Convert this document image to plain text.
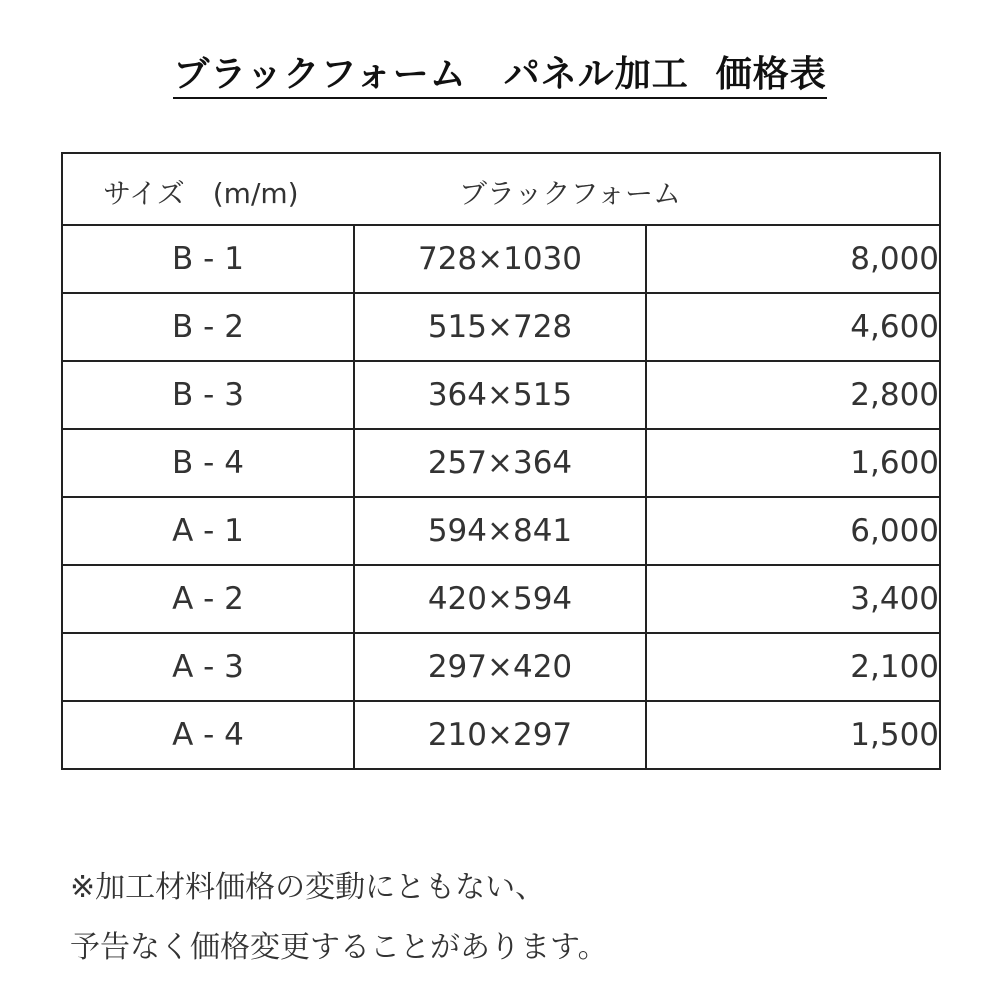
ブラックフォーム　パネル加工  価格表
サイズ　(m/m) ブラックフォーム		

B - 1	728×1030	8,000
B - 2	515×728	4,600
B - 3	364×515	2,800
B - 4	257×364	1,600
A - 1	594×841	6,000
A - 2	420×594	3,400
A - 3	297×420	2,100
A - 4	210×297	1,500
※加工材料価格の変動にともない、
予告なく価格変更することがあります。
